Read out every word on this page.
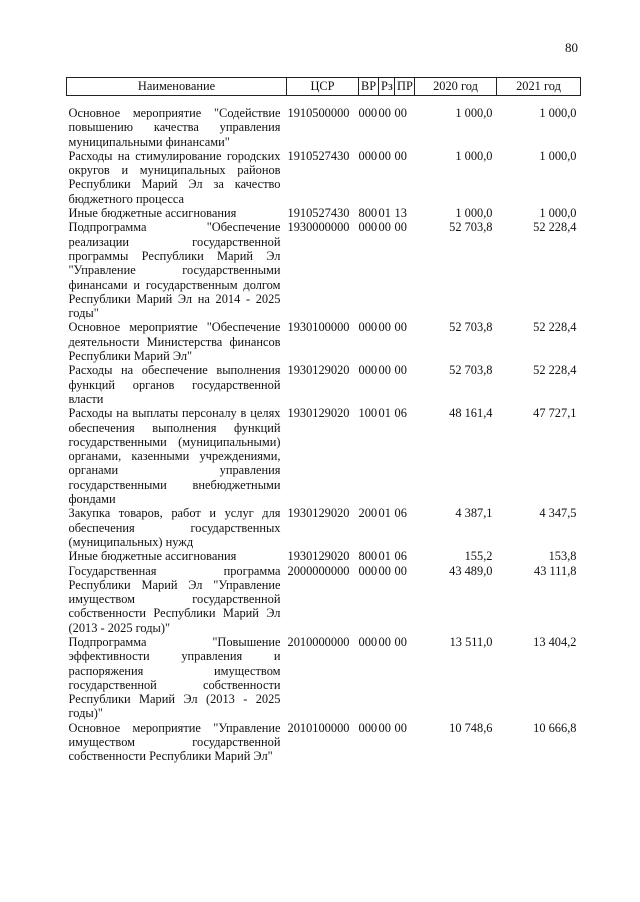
80
Наименование	ЦСР	ВР	Рз	ПР	2020 год	2021 год
Основное мероприятие "Содействие повышению качества управления муниципальными финансами"	1910500000	000	00	00	1 000,0	1 000,0
Расходы на стимулирование городских округов и муниципальных районов Республики Марий Эл за качество бюджетного процесса	1910527430	000	00	00	1 000,0	1 000,0
Иные бюджетные ассигнования	1910527430	800	01	13	1 000,0	1 000,0
Подпрограмма "Обеспечение реализации государственной программы Республики Марий Эл "Управление государственными финансами и государственным долгом Республики Марий Эл на 2014 - 2025 годы"	1930000000	000	00	00	52 703,8	52 228,4
Основное мероприятие "Обеспечение деятельности Министерства финансов Республики Марий Эл"	1930100000	000	00	00	52 703,8	52 228,4
Расходы на обеспечение выполнения функций органов государственной власти	1930129020	000	00	00	52 703,8	52 228,4
Расходы на выплаты персоналу в целях обеспечения выполнения функций государственными (муниципальными) органами, казенными учреждениями, органами управления государственными внебюджетными фондами	1930129020	100	01	06	48 161,4	47 727,1
Закупка товаров, работ и услуг для обеспечения государственных (муниципальных) нужд	1930129020	200	01	06	4 387,1	4 347,5
Иные бюджетные ассигнования	1930129020	800	01	06	155,2	153,8
Государственная программа Республики Марий Эл "Управление имуществом государственной собственности Республики Марий Эл (2013 - 2025 годы)"	2000000000	000	00	00	43 489,0	43 111,8
Подпрограмма "Повышение эффективности управления и распоряжения имуществом государственной собственности Республики Марий Эл (2013 - 2025 годы)"	2010000000	000	00	00	13 511,0	13 404,2
Основное мероприятие "Управление имуществом государственной собственности Республики Марий Эл"	2010100000	000	00	00	10 748,6	10 666,8
